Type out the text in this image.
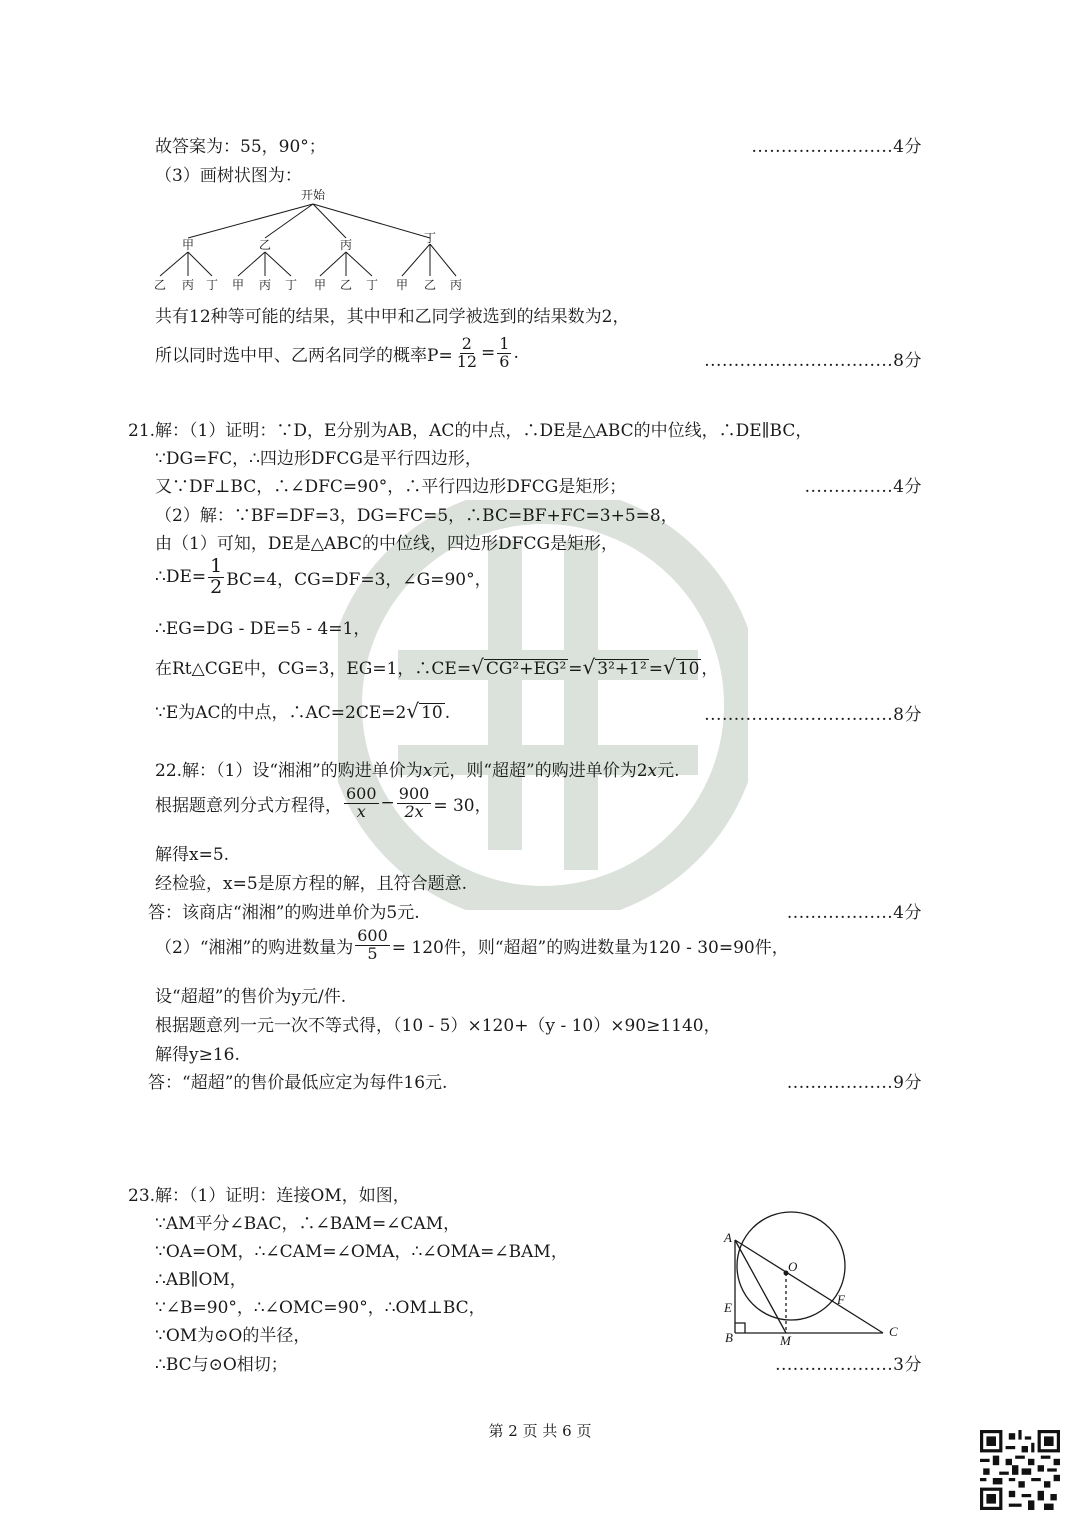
故答案为：55，90°；	........................4分
（3）画树状图为：
开始
甲	乙	丙	丁
乙 丙 丁 甲 丙 丁 甲 乙 丁 甲 乙 丙
共有12种等可能的结果，其中甲和乙同学被选到的结果数为2，
所以同时选中甲、乙两名同学的概率$P= \frac{2}{12} = \frac{1}{6}$ .	................................8分
21.解：（1）证明：∵D，E分别为AB，AC的中点，∴DE是△ABC的中位线，∴DE∥BC，
∵DG=FC，∴四边形DFCG是平行四边形，
又∵DF⊥BC，∴∠DFC=90°，∴平行四边形DFCG是矩形；	...............4分
（2）解：∵BF=DF=3，DG=FC=5，∴BC=BF+FC=3+5=8，
由（1）可知，DE是△ABC的中位线，四边形DFCG是矩形，
∴DE= $\frac{1}{2} BC=4$，CG=DF=3，∠G=90°，
∴EG=DG - DE=5 - 4=1，
在Rt△CGE中，CG=3，EG=1，∴CE=√ CG²+EG² =√ 3²+1² =√ 10 ，
∵E为AC的中点，∴AC=2CE=2√ 10 .	................................8分
22.解：（1）设“湘湘”的购进单价为x元，则“超超”的购进单价为2x元.
根据题意列分式方程得， $\frac{600}{x} - \frac{900}{2x} = 30$，
解得x=5.
经检验，x=5是原方程的解，且符合题意.
答：该商店“湘湘”的购进单价为5元.	..................4分
（2）“湘湘”的购进数量为 $\frac{600}{5} = 120$件，则“超超”的购进数量为120 - 30=90件，
设“超超”的售价为y元/件.
根据题意列一元一次不等式得，（10 - 5）×120+（y - 10）×90≥1140，
解得y≥16.
答：“超超”的售价最低应定为每件16元.	..................9分
23.解：（1）证明：连接OM，如图，
∵AM平分∠BAC，∴∠BAM=∠CAM，
∵OA=OM，∴∠CAM=∠OMA，∴∠OMA=∠BAM，
∴AB∥OM，
∵∠B=90°，∴∠OMC=90°，∴OM⊥BC，
∵OM为⊙O的半径，
∴BC与⊙O相切；	....................3分
A
O
E
F
B	M
C
第 2 页 共 6 页
